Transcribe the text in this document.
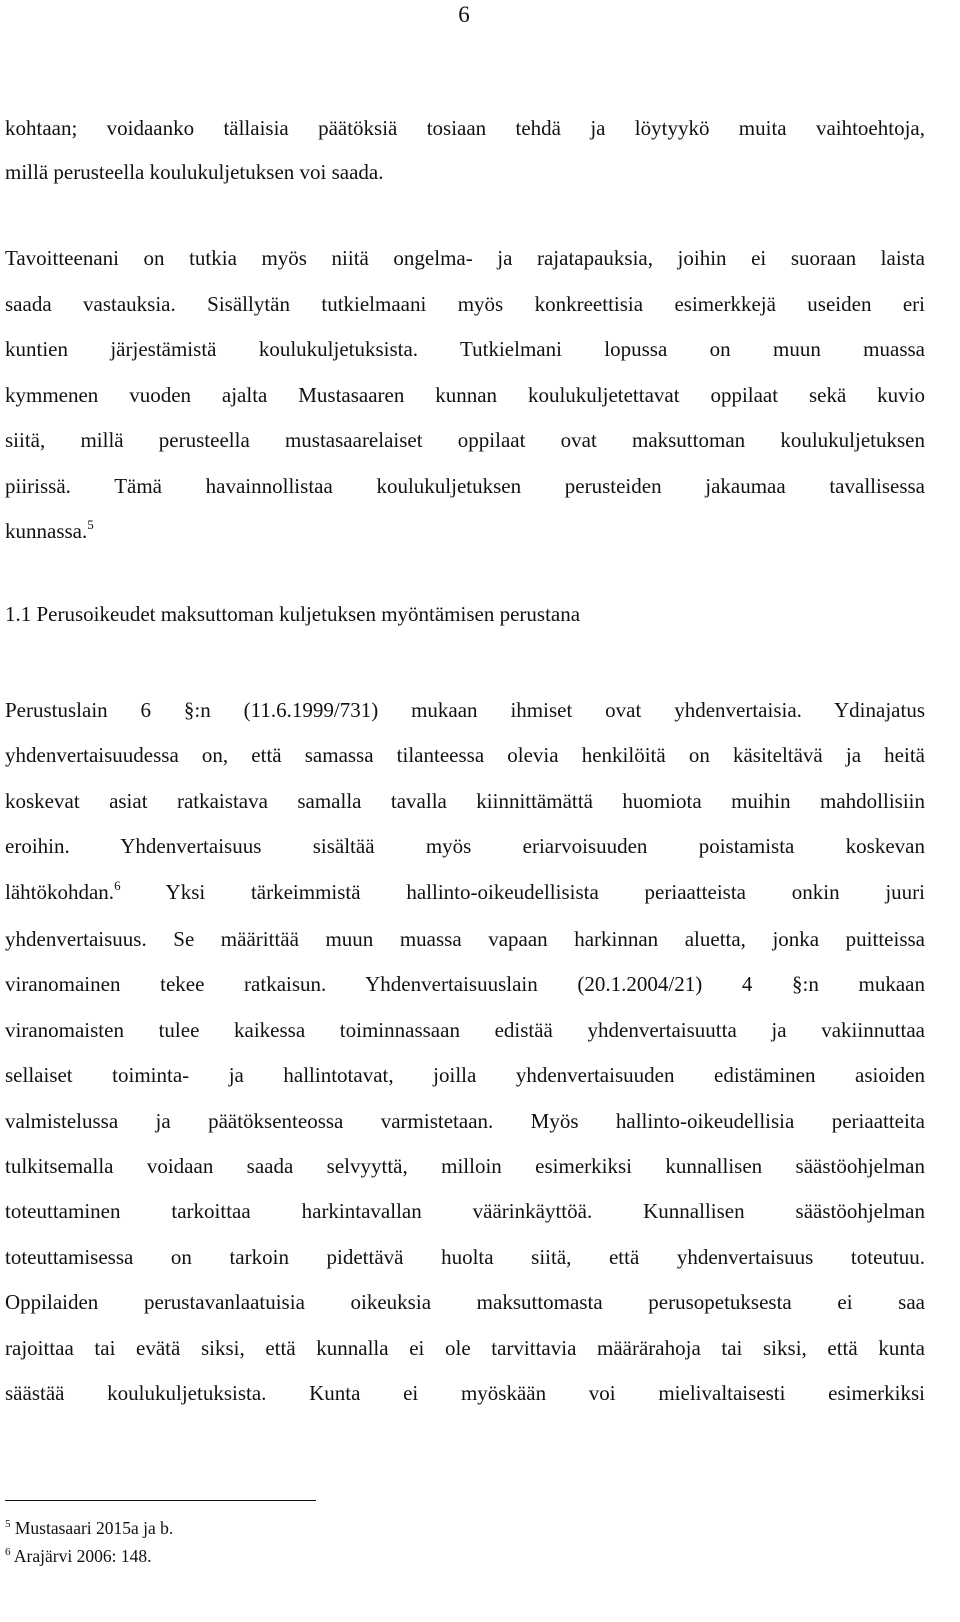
6
kohtaan; voidaanko tällaisia päätöksiä tosiaan tehdä ja löytyykö muita vaihtoehtoja,
millä perusteella koulukuljetuksen voi saada.
Tavoitteenani on tutkia myös niitä ongelma- ja rajatapauksia, joihin ei suoraan laista
saada vastauksia. Sisällytän tutkielmaani myös konkreettisia esimerkkejä useiden eri
kuntien järjestämistä koulukuljetuksista. Tutkielmani lopussa on muun muassa
kymmenen vuoden ajalta Mustasaaren kunnan koulukuljetettavat oppilaat sekä kuvio
siitä, millä perusteella mustasaarelaiset oppilaat ovat maksuttoman koulukuljetuksen
piirissä. Tämä havainnollistaa koulukuljetuksen perusteiden jakaumaa tavallisessa
kunnassa.$^5$
1.1 Perusoikeudet maksuttoman kuljetuksen myöntämisen perustana
Perustuslain 6 §:n (11.6.1999/731) mukaan ihmiset ovat yhdenvertaisia. Ydinajatus
yhdenvertaisuudessa on, että samassa tilanteessa olevia henkilöitä on käsiteltävä ja heitä
koskevat asiat ratkaistava samalla tavalla kiinnittämättä huomiota muihin mahdollisiin
eroihin. Yhdenvertaisuus sisältää myös eriarvoisuuden poistamista koskevan
lähtökohdan.$^6$ Yksi tärkeimmistä hallinto-oikeudellisista periaatteista onkin juuri
yhdenvertaisuus. Se määrittää muun muassa vapaan harkinnan aluetta, jonka puitteissa
viranomainen tekee ratkaisun. Yhdenvertaisuuslain (20.1.2004/21) 4 §:n mukaan
viranomaisten tulee kaikessa toiminnassaan edistää yhdenvertaisuutta ja vakiinnuttaa
sellaiset toiminta- ja hallintotavat, joilla yhdenvertaisuuden edistäminen asioiden
valmistelussa ja päätöksenteossa varmistetaan. Myös hallinto-oikeudellisia periaatteita
tulkitsemalla voidaan saada selvyyttä, milloin esimerkiksi kunnallisen säästöohjelman
toteuttaminen tarkoittaa harkintavallan väärinkäyttöä. Kunnallisen säästöohjelman
toteuttamisessa on tarkoin pidettävä huolta siitä, että yhdenvertaisuus toteutuu.
Oppilaiden perustavanlaatuisia oikeuksia maksuttomasta perusopetuksesta ei saa
rajoittaa tai evätä siksi, että kunnalla ei ole tarvittavia määrärahoja tai siksi, että kunta
säästää koulukuljetuksista. Kunta ei myöskään voi mielivaltaisesti esimerkiksi
$^5$ Mustasaari 2015a ja b.
$^6$ Arajärvi 2006: 148.
